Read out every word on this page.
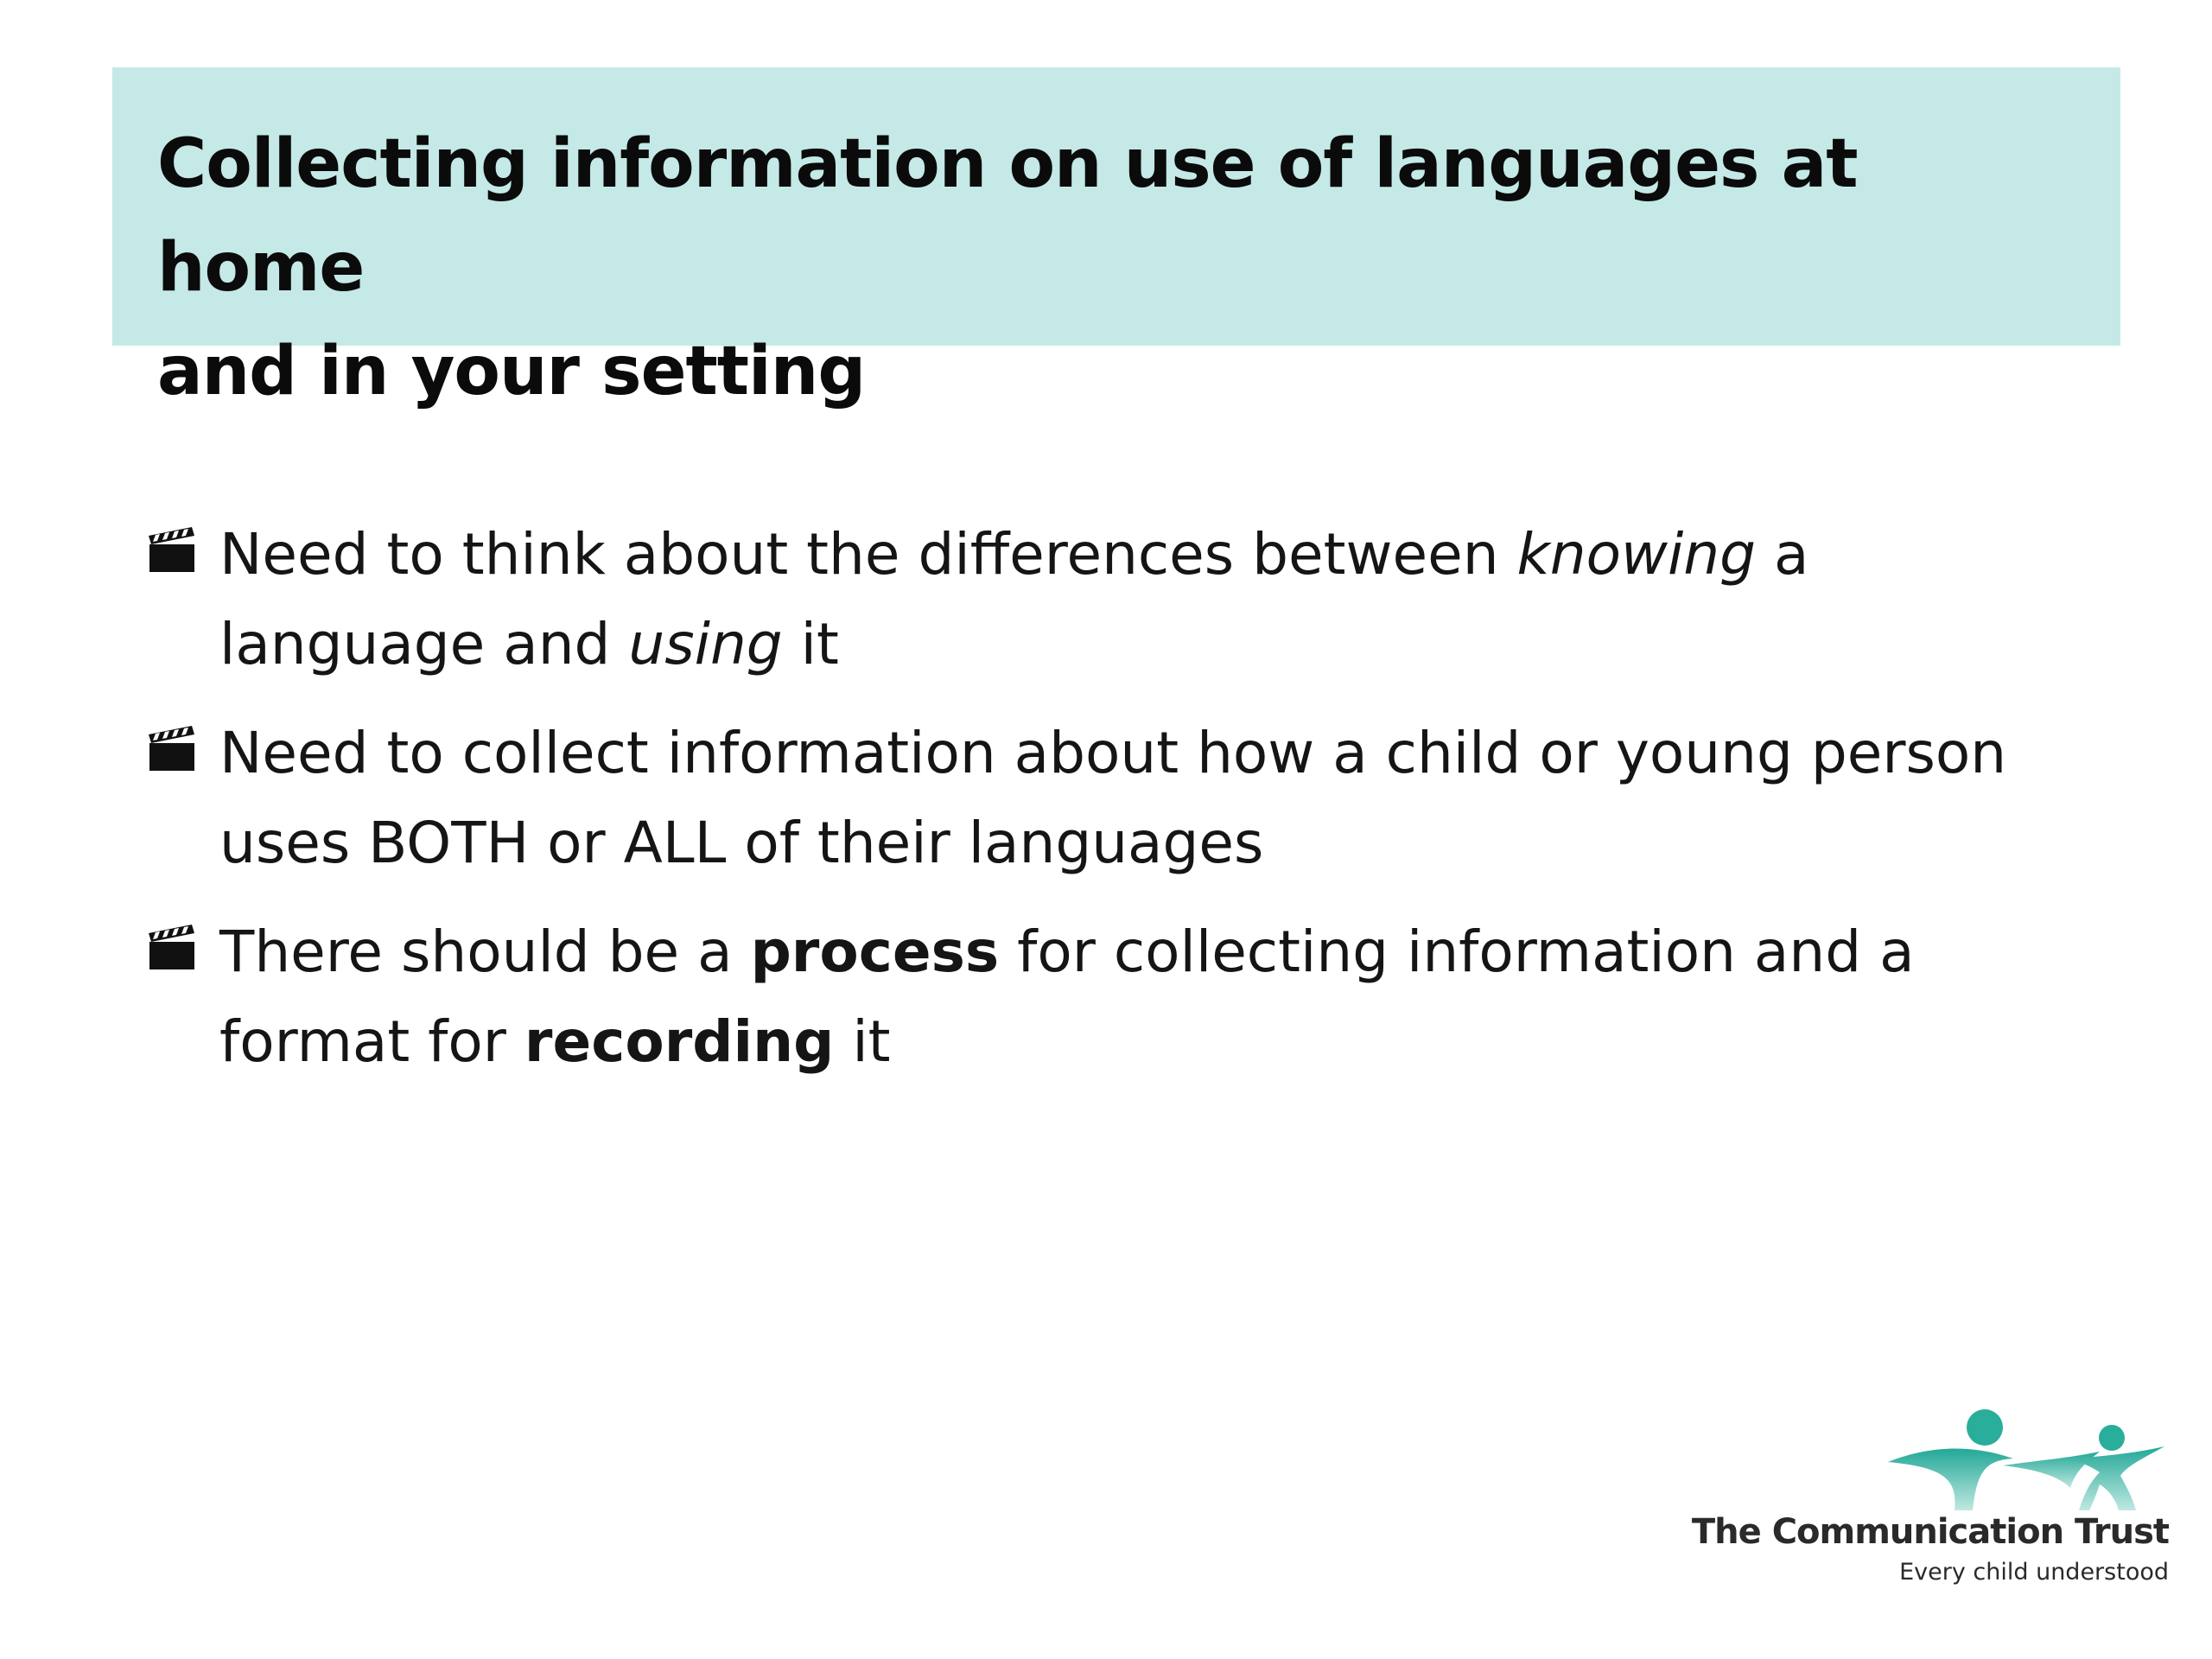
Collecting information on use of languages at home
and in your setting
Need to think about the differences between knowing a language and using it
Need to collect information about how a child or young person uses BOTH or ALL of their languages
There should be a process for collecting information and a format for recording it
The Communication Trust
Every child understood
